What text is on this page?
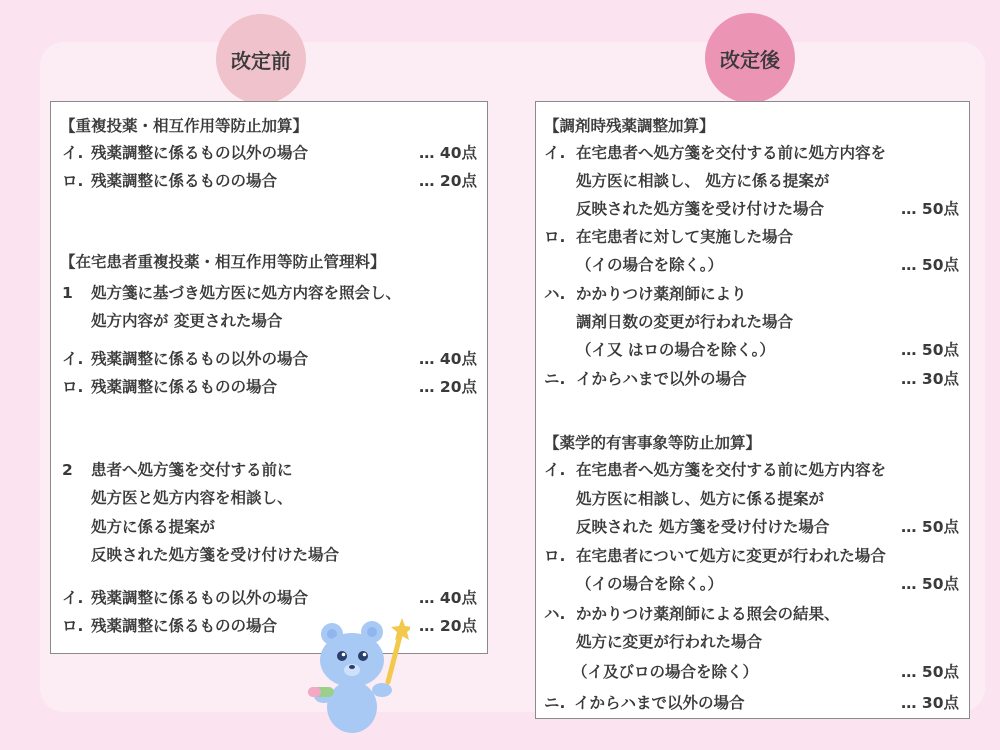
改定前	改定後
【重複投薬・相互作用等防止加算】
イ. 残薬調整に係るもの以外の場合	… 40点
ロ. 残薬調整に係るものの場合	… 20点
【在宅患者重複投薬・相互作用等防止管理料】
1 処方箋に基づき処方医に処方内容を照会し、
処方内容が 変更された場合
イ. 残薬調整に係るもの以外の場合	… 40点
ロ. 残薬調整に係るものの場合	… 20点
2 患者へ処方箋を交付する前に
処方医と処方内容を相談し、
処方に係る提案が
反映された処方箋を受け付けた場合
イ. 残薬調整に係るもの以外の場合	… 40点
ロ. 残薬調整に係るものの場合	… 20点
【調剤時残薬調整加算】
イ. 在宅患者へ処方箋を交付する前に処方内容を
処方医に相談し、 処方に係る提案が
反映された処方箋を受け付けた場合	… 50点
ロ. 在宅患者に対して実施した場合
（イの場合を除く。）	… 50点
ハ. かかりつけ薬剤師により
調剤日数の変更が行われた場合
（イ又 はロの場合を除く。）	… 50点
ニ. イからハまで以外の場合	… 30点
【薬学的有害事象等防止加算】
イ. 在宅患者へ処方箋を交付する前に処方内容を
処方医に相談し、処方に係る提案が
反映された 処方箋を受け付けた場合	… 50点
ロ. 在宅患者について処方に変更が行われた場合
（イの場合を除く。）	… 50点
ハ. かかりつけ薬剤師による照会の結果、
処方に変更が行われた場合
（イ及びロの場合を除く）	… 50点
ニ. イからハまで以外の場合	… 30点
